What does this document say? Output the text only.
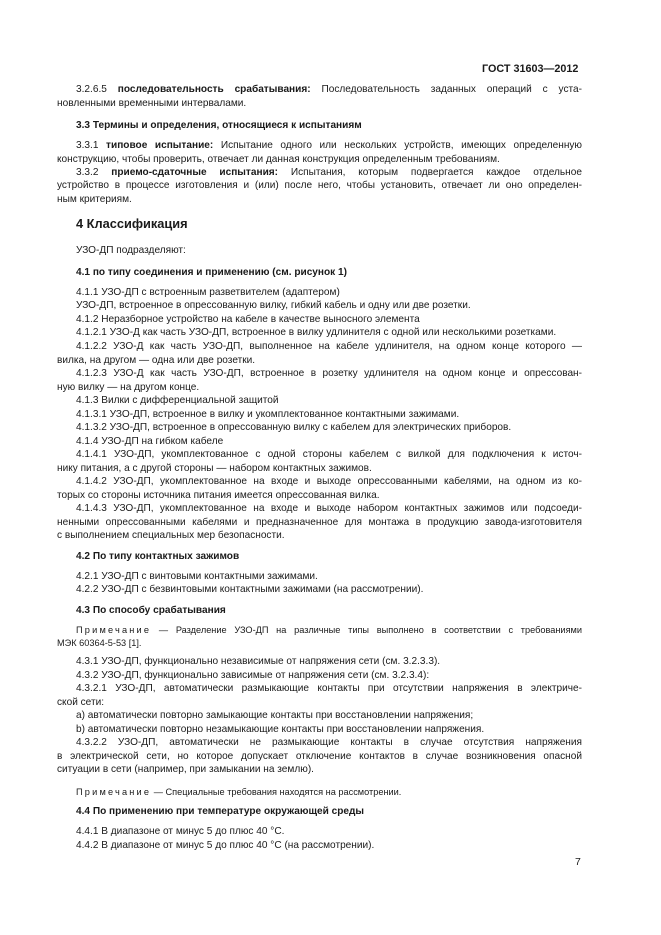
ГОСТ 31603—2012
3.2.6.5 последовательность срабатывания: Последовательность заданных операций с уста-
новленными временными интервалами.
3.3 Термины и определения, относящиеся к испытаниям
3.3.1 типовое испытание: Испытание одного или нескольких устройств, имеющих определенную
конструкцию, чтобы проверить, отвечает ли данная конструкция определенным требованиям.
3.3.2 приемо-сдаточные испытания: Испытания, которым подвергается каждое отдельное
устройство в процессе изготовления и (или) после него, чтобы установить, отвечает ли оно определен-
ным критериям.
4 Классификация
УЗО-ДП подразделяют:
4.1 по типу соединения и применению (см. рисунок 1)
4.1.1 УЗО-ДП с встроенным разветвителем (адаптером)
УЗО-ДП, встроенное в опрессованную вилку, гибкий кабель и одну или две розетки.
4.1.2 Неразборное устройство на кабеле в качестве выносного элемента
4.1.2.1 УЗО-Д как часть УЗО-ДП, встроенное в вилку удлинителя с одной или несколькими розетками.
4.1.2.2 УЗО-Д как часть УЗО-ДП, выполненное на кабеле удлинителя, на одном конце которого —
вилка, на другом — одна или две розетки.
4.1.2.3 УЗО-Д как часть УЗО-ДП, встроенное в розетку удлинителя на одном конце и опрессован-
ную вилку — на другом конце.
4.1.3 Вилки с дифференциальной защитой
4.1.3.1 УЗО-ДП, встроенное в вилку и укомплектованное контактными зажимами.
4.1.3.2 УЗО-ДП, встроенное в опрессованную вилку с кабелем для электрических приборов.
4.1.4 УЗО-ДП на гибком кабеле
4.1.4.1 УЗО-ДП, укомплектованное с одной стороны кабелем с вилкой для подключения к источ-
нику питания, а с другой стороны — набором контактных зажимов.
4.1.4.2 УЗО-ДП, укомплектованное на входе и выходе опрессованными кабелями, на одном из ко-
торых со стороны источника питания имеется опрессованная вилка.
4.1.4.3 УЗО-ДП, укомплектованное на входе и выходе набором контактных зажимов или подсоеди-
ненными опрессованными кабелями и предназначенное для монтажа в продукцию завода-изготовителя
с выполнением специальных мер безопасности.
4.2 По типу контактных зажимов
4.2.1 УЗО-ДП с винтовыми контактными зажимами.
4.2.2 УЗО-ДП с безвинтовыми контактными зажимами (на рассмотрении).
4.3 По способу срабатывания
Примечание — Разделение УЗО-ДП на различные типы выполнено в соответствии с требованиями
МЭК 60364-5-53 [1].
4.3.1 УЗО-ДП, функционально независимые от напряжения сети (см. 3.2.3.3).
4.3.2 УЗО-ДП, функционально зависимые от напряжения сети (см. 3.2.3.4):
4.3.2.1 УЗО-ДП, автоматически размыкающие контакты при отсутствии напряжения в электриче-
ской сети:
a) автоматически повторно замыкающие контакты при восстановлении напряжения;
b) автоматически повторно незамыкающие контакты при восстановлении напряжения.
4.3.2.2 УЗО-ДП, автоматически не размыкающие контакты в случае отсутствия напряжения
в электрической сети, но которое допускает отключение контактов в случае возникновения опасной
ситуации в сети (например, при замыкании на землю).
Примечание — Специальные требования находятся на рассмотрении.
4.4 По применению при температуре окружающей среды
4.4.1 В диапазоне от минус 5 до плюс 40 °С.
4.4.2 В диапазоне от минус 5 до плюс 40 °С (на рассмотрении).
7
